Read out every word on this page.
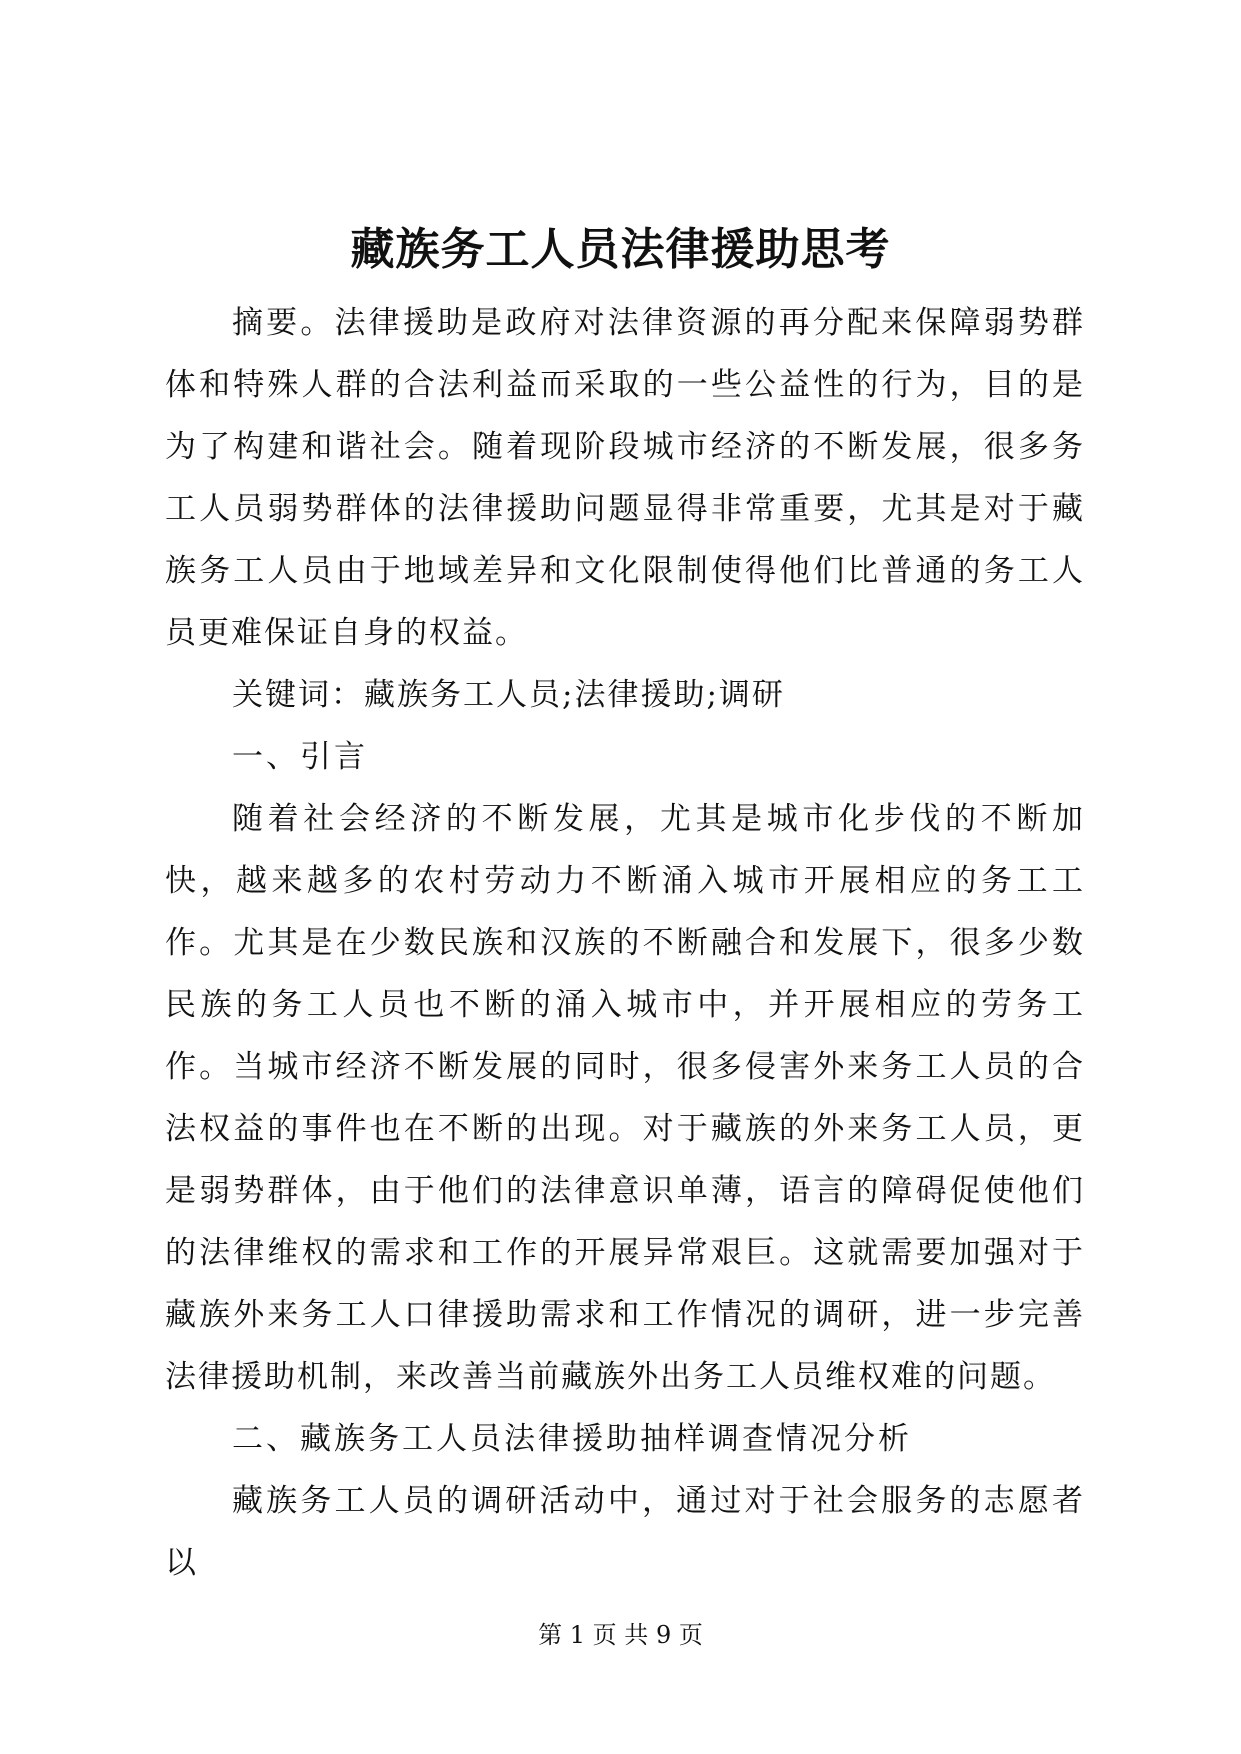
藏族务工人员法律援助思考

摘要。法律援助是政府对法律资源的再分配来保障弱势群体和特殊人群的合法利益而采取的一些公益性的行为，目的是为了构建和谐社会。随着现阶段城市经济的不断发展，很多务工人员弱势群体的法律援助问题显得非常重要，尤其是对于藏族务工人员由于地域差异和文化限制使得他们比普通的务工人员更难保证自身的权益。

关键词：藏族务工人员;法律援助;调研

一、引言

随着社会经济的不断发展，尤其是城市化步伐的不断加快，越来越多的农村劳动力不断涌入城市开展相应的务工工作。尤其是在少数民族和汉族的不断融合和发展下，很多少数民族的务工人员也不断的涌入城市中，并开展相应的劳务工作。当城市经济不断发展的同时，很多侵害外来务工人员的合法权益的事件也在不断的出现。对于藏族的外来务工人员，更是弱势群体，由于他们的法律意识单薄，语言的障碍促使他们的法律维权的需求和工作的开展异常艰巨。这就需要加强对于藏族外来务工人口律援助需求和工作情况的调研，进一步完善法律援助机制，来改善当前藏族外出务工人员维权难的问题。

二、藏族务工人员法律援助抽样调查情况分析

藏族务工人员的调研活动中，通过对于社会服务的志愿者以

第 1 页 共 9 页
